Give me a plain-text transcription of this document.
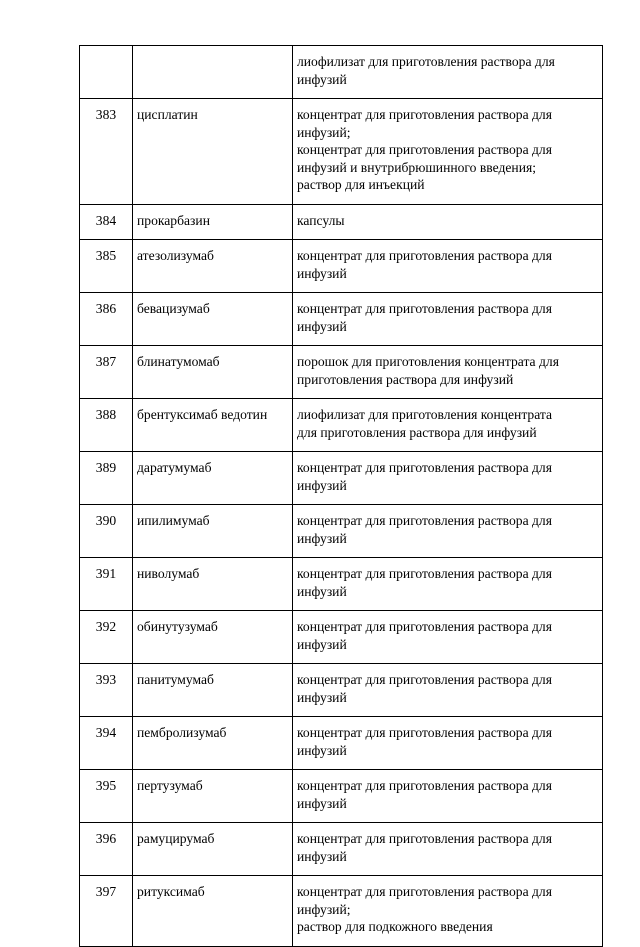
		лиофилизат для приготовления раствора для
инфузий
383	цисплатин	концентрат для приготовления раствора для
инфузий;
концентрат для приготовления раствора для
инфузий и внутрибрюшинного введения;
раствор для инъекций
384	прокарбазин	капсулы
385	атезолизумаб	концентрат для приготовления раствора для
инфузий
386	бевацизумаб	концентрат для приготовления раствора для
инфузий
387	блинатумомаб	порошок для приготовления концентрата для
приготовления раствора для инфузий
388	брентуксимаб ведотин	лиофилизат для приготовления концентрата
для приготовления раствора для инфузий
389	даратумумаб	концентрат для приготовления раствора для
инфузий
390	ипилимумаб	концентрат для приготовления раствора для
инфузий
391	ниволумаб	концентрат для приготовления раствора для
инфузий
392	обинутузумаб	концентрат для приготовления раствора для
инфузий
393	панитумумаб	концентрат для приготовления раствора для
инфузий
394	пембролизумаб	концентрат для приготовления раствора для
инфузий
395	пертузумаб	концентрат для приготовления раствора для
инфузий
396	рамуцирумаб	концентрат для приготовления раствора для
инфузий
397	ритуксимаб	концентрат для приготовления раствора для
инфузий;
раствор для подкожного введения
